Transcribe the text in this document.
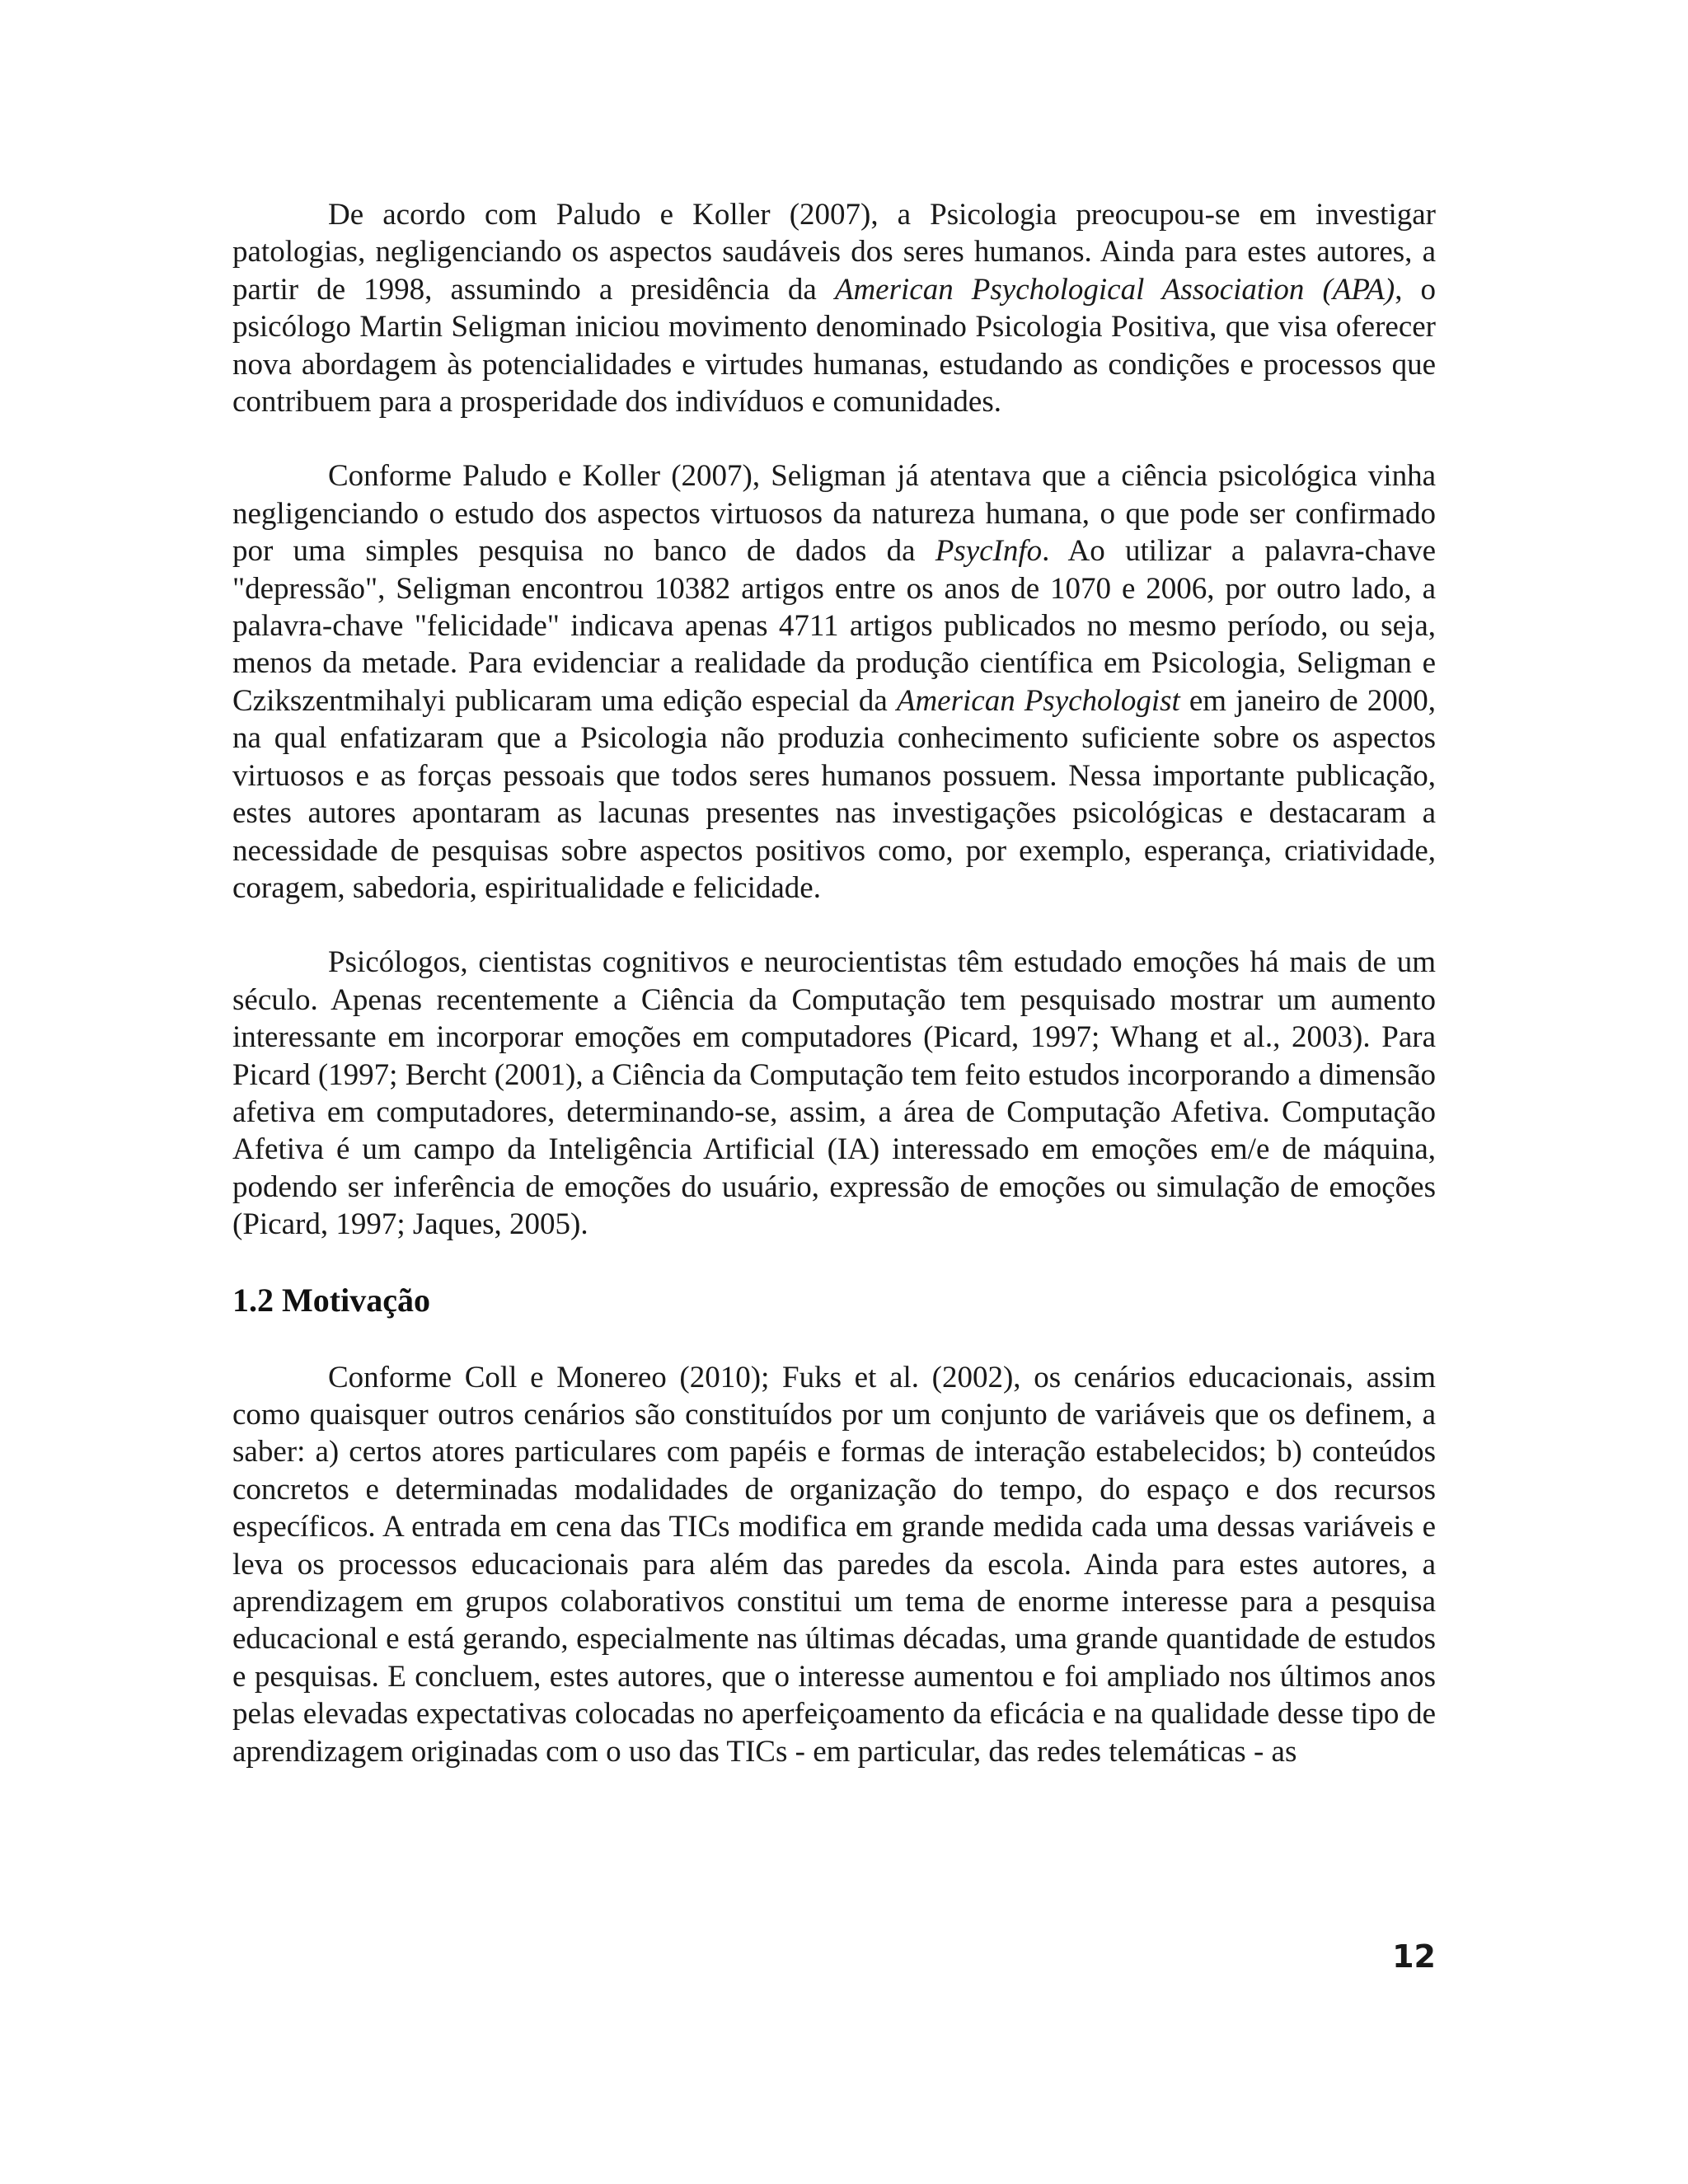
De acordo com Paludo e Koller (2007), a Psicologia preocupou-se em investigar patologias, negligenciando os aspectos saudáveis dos seres humanos. Ainda para estes autores, a partir de 1998, assumindo a presidência da American Psychological Association (APA), o psicólogo Martin Seligman iniciou movimento denominado Psicologia Positiva, que visa oferecer nova abordagem às potencialidades e virtudes humanas, estudando as condições e processos que contribuem para a prosperidade dos indivíduos e comunidades.

Conforme Paludo e Koller (2007), Seligman já atentava que a ciência psicológica vinha negligenciando o estudo dos aspectos virtuosos da natureza humana, o que pode ser confirmado por uma simples pesquisa no banco de dados da PsycInfo. Ao utilizar a palavra-chave "depressão", Seligman encontrou 10382 artigos entre os anos de 1070 e 2006, por outro lado, a palavra-chave "felicidade" indicava apenas 4711 artigos publicados no mesmo período, ou seja, menos da metade. Para evidenciar a realidade da produção científica em Psicologia, Seligman e Czikszentmihalyi publicaram uma edição especial da American Psychologist em janeiro de 2000, na qual enfatizaram que a Psicologia não produzia conhecimento suficiente sobre os aspectos virtuosos e as forças pessoais que todos seres humanos possuem. Nessa importante publicação, estes autores apontaram as lacunas presentes nas investigações psicológicas e destacaram a necessidade de pesquisas sobre aspectos positivos como, por exemplo, esperança, criatividade, coragem, sabedoria, espiritualidade e felicidade.

Psicólogos, cientistas cognitivos e neurocientistas têm estudado emoções há mais de um século. Apenas recentemente a Ciência da Computação tem pesquisado mostrar um aumento interessante em incorporar emoções em computadores (Picard, 1997; Whang et al., 2003). Para Picard (1997; Bercht (2001), a Ciência da Computação tem feito estudos incorporando a dimensão afetiva em computadores, determinando-se, assim, a área de Computação Afetiva. Computação Afetiva é um campo da Inteligência Artificial (IA) interessado em emoções em/e de máquina, podendo ser inferência de emoções do usuário, expressão de emoções ou simulação de emoções (Picard, 1997; Jaques, 2005).

1.2 Motivação

Conforme Coll e Monereo (2010); Fuks et al. (2002), os cenários educacionais, assim como quaisquer outros cenários são constituídos por um conjunto de variáveis que os definem, a saber: a) certos atores particulares com papéis e formas de interação estabelecidos; b) conteúdos concretos e determinadas modalidades de organização do tempo, do espaço e dos recursos específicos. A entrada em cena das TICs modifica em grande medida cada uma dessas variáveis e leva os processos educacionais para além das paredes da escola. Ainda para estes autores, a aprendizagem em grupos colaborativos constitui um tema de enorme interesse para a pesquisa educacional e está gerando, especialmente nas últimas décadas, uma grande quantidade de estudos e pesquisas. E concluem, estes autores, que o interesse aumentou e foi ampliado nos últimos anos pelas elevadas expectativas colocadas no aperfeiçoamento da eficácia e na qualidade desse tipo de aprendizagem originadas com o uso das TICs - em particular, das redes telemáticas - as

12
